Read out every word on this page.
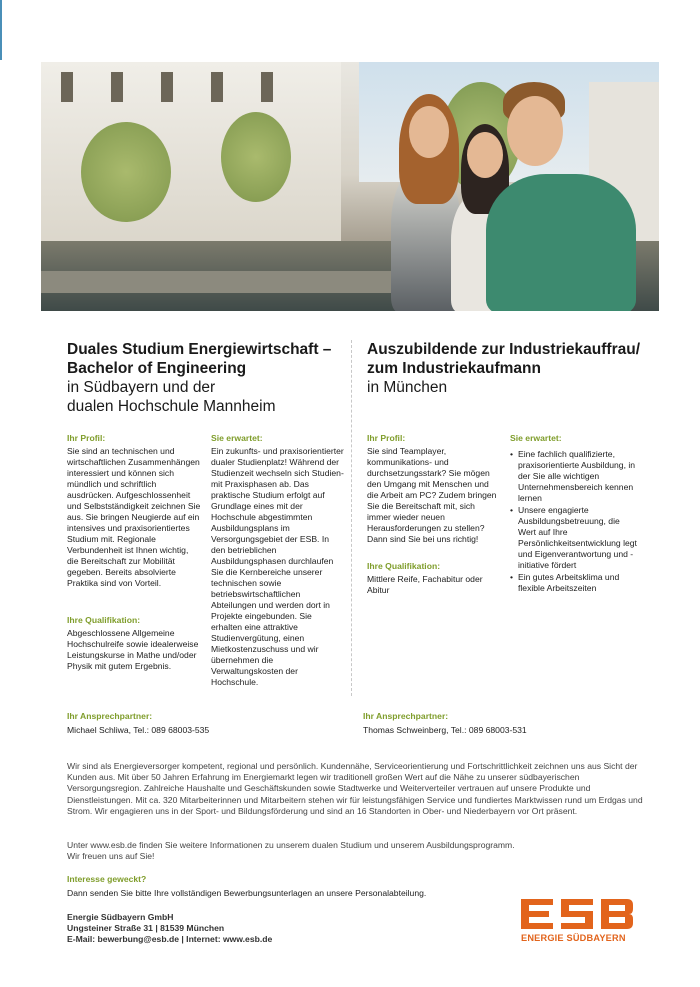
Duales Studium Energiewirtschaft –
Bachelor of Engineering
in Südbayern und der
dualen Hochschule Mannheim
Ihr Profil:
Sie sind an technischen und wirtschaftlichen Zusammenhängen interessiert und können sich mündlich und schriftlich ausdrücken. Aufgeschlossenheit und Selbstständigkeit zeichnen Sie aus. Sie bringen Neugierde auf ein intensives und praxisorientiertes Studium mit. Regionale Verbundenheit ist Ihnen wichtig, die Bereitschaft zur Mobilität gegeben. Bereits absolvierte Praktika sind von Vorteil.
Ihre Qualifikation:
Abgeschlossene Allgemeine Hochschulreife sowie idealerweise Leistungskurse in Mathe und/oder Physik mit gutem Ergebnis.
Sie erwartet:
Ein zukunfts- und praxisorientierter dualer Studienplatz! Während der Studienzeit wechseln sich Studien- mit Praxisphasen ab. Das praktische Studium erfolgt auf Grundlage eines mit der Hochschule abgestimmten Ausbildungsplans im Versorgungsgebiet der ESB. In den betrieblichen Ausbildungsphasen durchlaufen Sie die Kernbereiche unserer technischen sowie betriebswirtschaftlichen Abteilungen und werden dort in Projekte eingebunden. Sie erhalten eine attraktive Studienvergütung, einen Mietkostenzuschuss und wir übernehmen die Verwaltungskosten der Hochschule.
Ihr Ansprechpartner:
Michael Schliwa, Tel.: 089 68003-535
Auszubildende zur Industriekauffrau/
zum Industriekaufmann
in München
Ihr Profil:
Sie sind Teamplayer, kommunikations- und durchsetzungsstark? Sie mögen den Umgang mit Menschen und die Arbeit am PC? Zudem bringen Sie die Bereitschaft mit, sich immer wieder neuen Herausforderungen zu stellen? Dann sind Sie bei uns richtig!
Ihre Qualifikation:
Mittlere Reife, Fachabitur oder Abitur
Sie erwartet:
• Eine fachlich qualifizierte, praxisorientierte Ausbildung, in der Sie alle wichtigen Unternehmensbereich kennen lernen
• Unsere engagierte Ausbildungsbetreuung, die Wert auf Ihre Persönlichkeitsentwicklung legt und Eigenverantwortung und -initiative fördert
• Ein gutes Arbeitsklima und flexible Arbeitszeiten
Ihr Ansprechpartner:
Thomas Schweinberg, Tel.: 089 68003-531
Wir sind als Energieversorger kompetent, regional und persönlich. Kundennähe, Serviceorientierung und Fortschrittlichkeit zeichnen uns aus Sicht der Kunden aus. Mit über 50 Jahren Erfahrung im Energiemarkt legen wir traditionell großen Wert auf die Nähe zu unserer südbayerischen Versorgungsregion. Zahlreiche Haushalte und Geschäftskunden sowie Stadtwerke und Weiterverteiler vertrauen auf unsere Produkte und Dienstleistungen. Mit ca. 320 Mitarbeiterinnen und Mitarbeitern stehen wir für leistungsfähigen Service und fundiertes Marktwissen rund um Erdgas und Strom. Wir engagieren uns in der Sport- und Bildungsförderung und sind an 16 Standorten in Ober- und Niederbayern vor Ort präsent.
Unter www.esb.de finden Sie weitere Informationen zu unserem dualen Studium und unserem Ausbildungsprogramm.
Wir freuen uns auf Sie!
Interesse geweckt?
Dann senden Sie bitte Ihre vollständigen Bewerbungsunterlagen an unsere Personalabteilung.
Energie Südbayern GmbH
Ungsteiner Straße 31 | 81539 München
E-Mail: bewerbung@esb.de | Internet: www.esb.de	ENERGIE SÜDBAYERN
